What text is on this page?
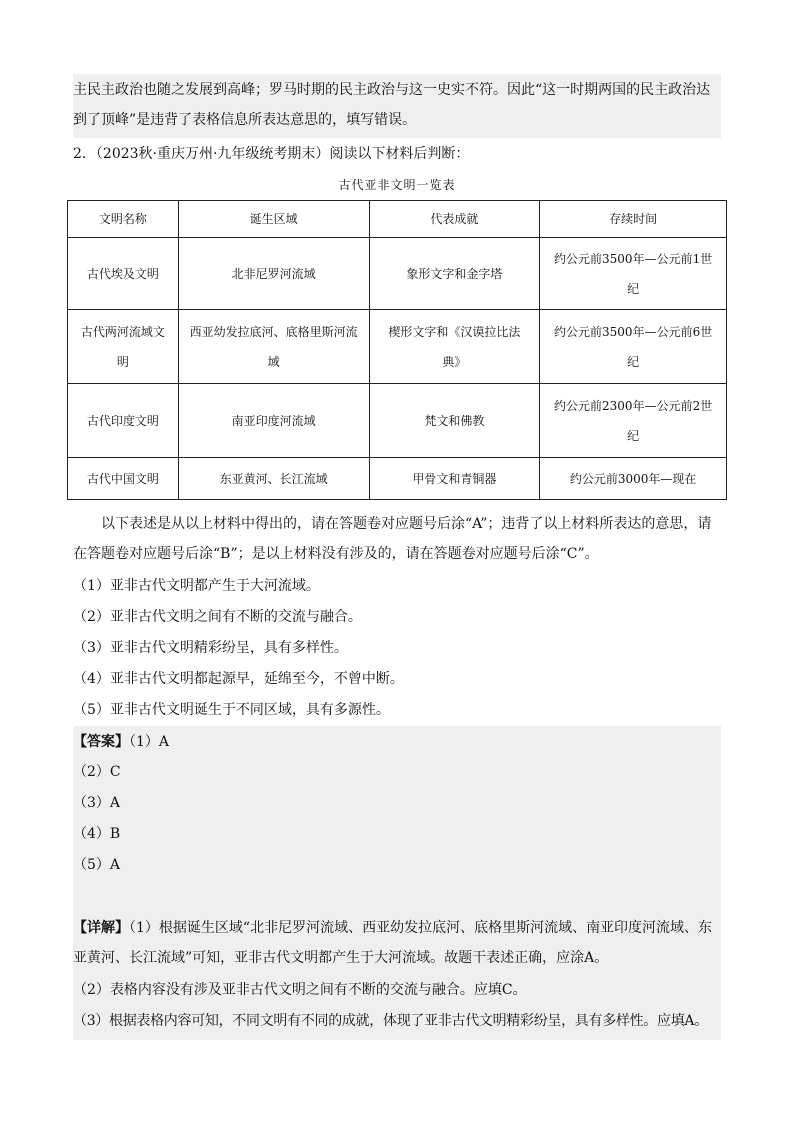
主民主政治也随之发展到高峰；罗马时期的民主政治与这一史实不符。因此“这一时期两国的民主政治达
到了顶峰”是违背了表格信息所表达意思的，填写错误。
2．（2023秋·重庆万州·九年级统考期末）阅读以下材料后判断：
古代亚非文明一览表
文明名称	诞生区域	代表成就	存续时间
古代埃及文明	北非尼罗河流域	象形文字和金字塔	约公元前3500年—公元前1世纪
古代两河流域文明	西亚幼发拉底河、底格里斯河流域	楔形文字和《汉谟拉比法典》	约公元前3500年—公元前6世纪
古代印度文明	南亚印度河流域	梵文和佛教	约公元前2300年—公元前2世纪
古代中国文明	东亚黄河、长江流域	甲骨文和青铜器	约公元前3000年—现在
以下表述是从以上材料中得出的，请在答题卷对应题号后涂“A”；违背了以上材料所表达的意思，请
在答题卷对应题号后涂“B”；是以上材料没有涉及的，请在答题卷对应题号后涂“C”。
（1）亚非古代文明都产生于大河流域。
（2）亚非古代文明之间有不断的交流与融合。
（3）亚非古代文明精彩纷呈，具有多样性。
（4）亚非古代文明都起源早，延绵至今，不曾中断。
（5）亚非古代文明诞生于不同区域，具有多源性。
【答案】（1）A
（2）C
（3）A
（4）B
（5）A
【详解】（1）根据诞生区域“北非尼罗河流域、西亚幼发拉底河、底格里斯河流域、南亚印度河流域、东
亚黄河、长江流域”可知，亚非古代文明都产生于大河流域。故题干表述正确，应涂A。
（2）表格内容没有涉及亚非古代文明之间有不断的交流与融合。应填C。
（3）根据表格内容可知，不同文明有不同的成就，体现了亚非古代文明精彩纷呈，具有多样性。应填A。
